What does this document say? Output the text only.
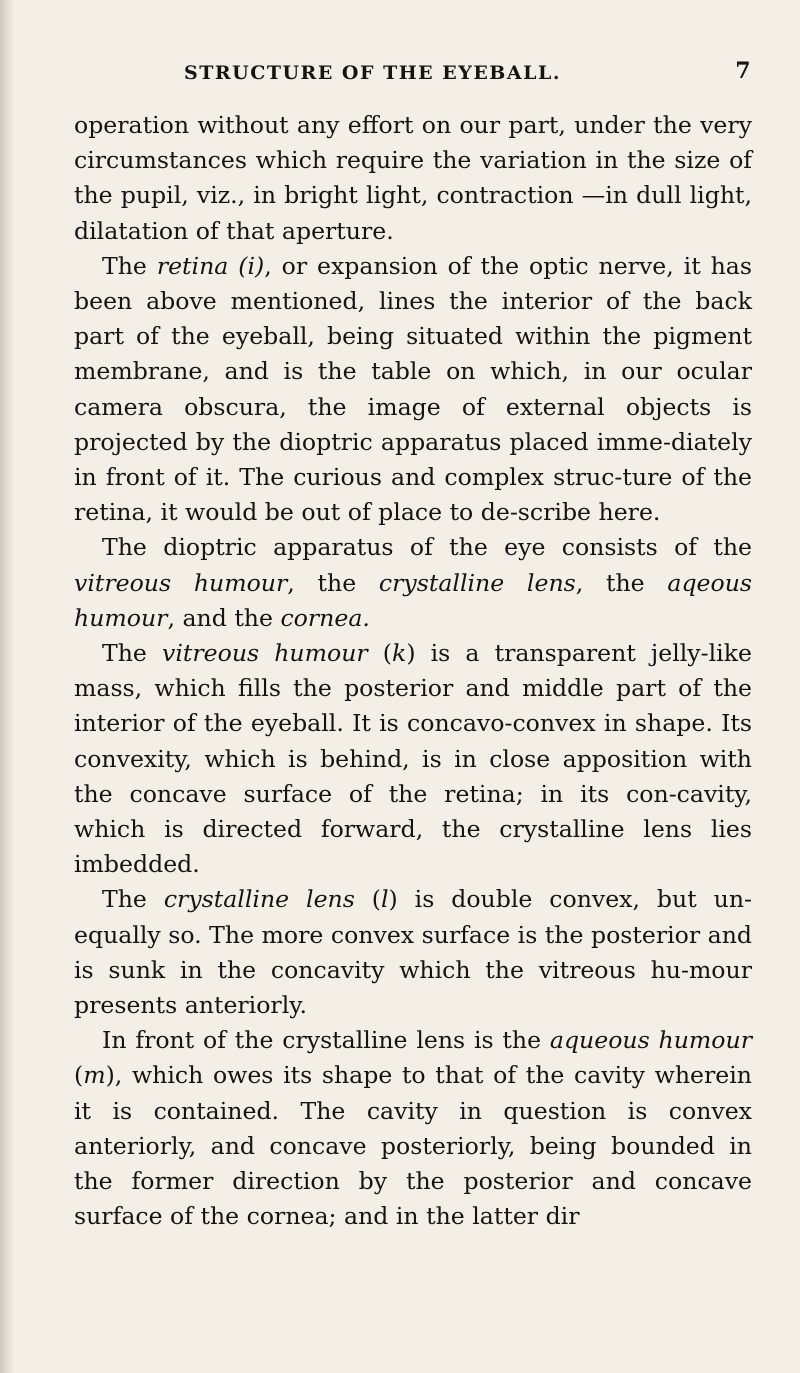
STRUCTURE OF THE EYEBALL.	7

operation without any effort on our part, under the very circumstances which require the variation in the size of the pupil, viz., in bright light, contraction —in dull light, dilatation of that aperture.

The retina (i), or expansion of the optic nerve, it has been above mentioned, lines the interior of the back part of the eyeball, being situated within the pigment membrane, and is the table on which, in our ocular camera obscura, the image of external objects is projected by the dioptric apparatus placed imme-diately in front of it. The curious and complex struc-ture of the retina, it would be out of place to de-scribe here.

The dioptric apparatus of the eye consists of the vitreous humour, the crystalline lens, the aqeous humour, and the cornea.

The vitreous humour (k) is a transparent jelly-like mass, which fills the posterior and middle part of the interior of the eyeball. It is concavo-convex in shape. Its convexity, which is behind, is in close apposition with the concave surface of the retina; in its con-cavity, which is directed forward, the crystalline lens lies imbedded.

The crystalline lens (l) is double convex, but un-equally so. The more convex surface is the posterior and is sunk in the concavity which the vitreous hu-mour presents anteriorly.

In front of the crystalline lens is the aqueous humour (m), which owes its shape to that of the cavity wherein it is contained. The cavity in question is convex anteriorly, and concave posteriorly, being bounded in the former direction by the posterior and concave surface of the cornea; and in the latter dir
